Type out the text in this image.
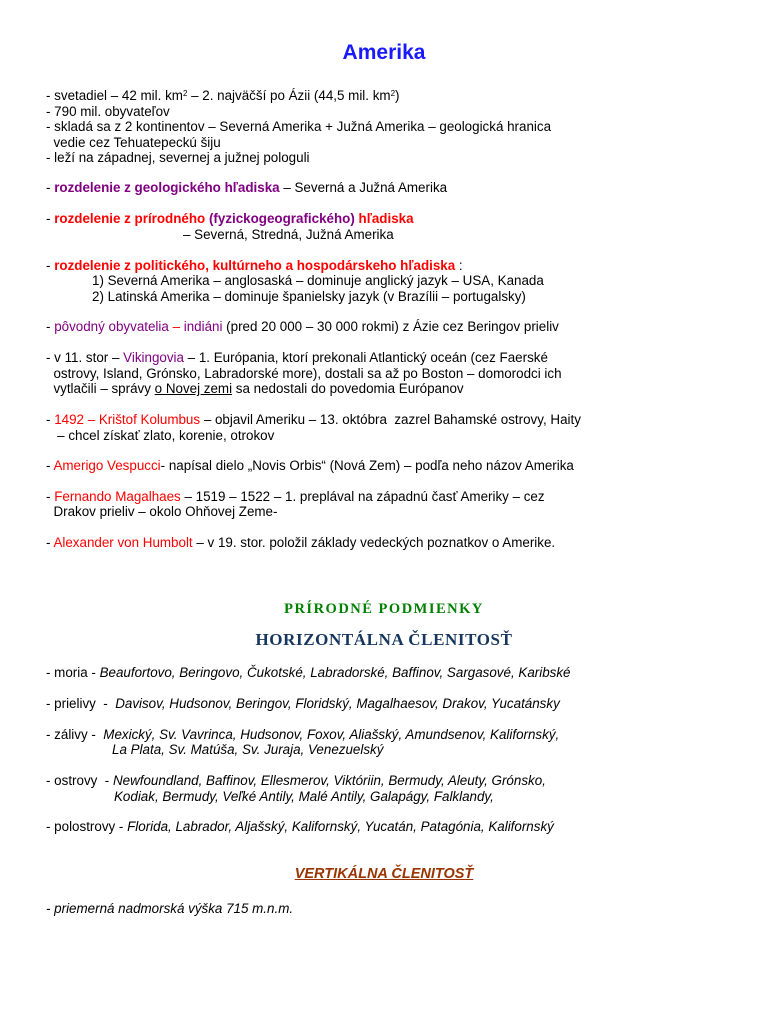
Amerika
- svetadiel – 42 mil. $km^2 - 2$. najväčší po Ázii (44,5 mil. $km^2$)
- 790 mil. obyvateľov
- skladá sa z 2 kontinentov – Severná Amerika + Južná Amerika – geologická hranica
vedie cez Tehuatepeckú šiju
- leží na západnej, severnej a južnej pologuli
- rozdelenie z geologického hľadiska – Severná a Južná Amerika
- rozdelenie z prírodného (fyzickogeografického) hľadiska
– Severná, Stredná, Južná Amerika
- rozdelenie z politického, kultúrneho a hospodárskeho hľadiska :
1) Severná Amerika – anglosaská – dominuje anglický jazyk – USA, Kanada
2) Latinská Amerika – dominuje španielsky jazyk (v Brazílii – portugalsky)
- pôvodný obyvatelia – indiáni (pred 20 000 – 30 000 rokmi) z Ázie cez Beringov prieliv
- v 11. stor – Vikingovia – 1. Európania, ktorí prekonali Atlantický oceán (cez Faerské
ostrovy, Island, Grónsko, Labradorské more), dostali sa až po Boston – domorodci ich
vytlačili – správy o Novej zemi sa nedostali do povedomia Európanov
- 1492 – Krištof Kolumbus – objavil Ameriku – 13. októbra  zazrel Bahamské ostrovy, Haity
– chcel získať zlato, korenie, otrokov
- Amerigo Vespucci- napísal dielo „Novis Orbis“ (Nová Zem) – podľa neho názov Amerika
- Fernando Magalhaes – 1519 – 1522 – 1. preplával na západnú časť Ameriky – cez
Drakov prieliv – okolo Ohňovej Zeme-
- Alexander von Humbolt – v 19. stor. položil základy vedeckých poznatkov o Amerike.
PRÍRODNÉ PODMIENKY
HORIZONTÁLNA ČLENITOSŤ
- moria - Beaufortovo, Beringovo, Čukotské, Labradorské, Baffinov, Sargasové, Karibské
- prielivy  -  Davisov, Hudsonov, Beringov, Floridský, Magalhaesov, Drakov, Yucatánsky
- zálivy -  Mexický, Sv. Vavrinca, Hudsonov, Foxov, Aliašský, Amundsenov, Kalifornský,
La Plata, Sv. Matúša, Sv. Juraja, Venezuelský
- ostrovy  - Newfoundland, Baffinov, Ellesmerov, Viktóriin, Bermudy, Aleuty, Grónsko,
Kodiak, Bermudy, Veľké Antily, Malé Antily, Galapágy, Falklandy,
- polostrovy - Florida, Labrador, Aljašský, Kalifornský, Yucatán, Patagónia, Kalifornský
VERTIKÁLNA ČLENITOSŤ
- priemerná nadmorská výška 715 m.n.m.
